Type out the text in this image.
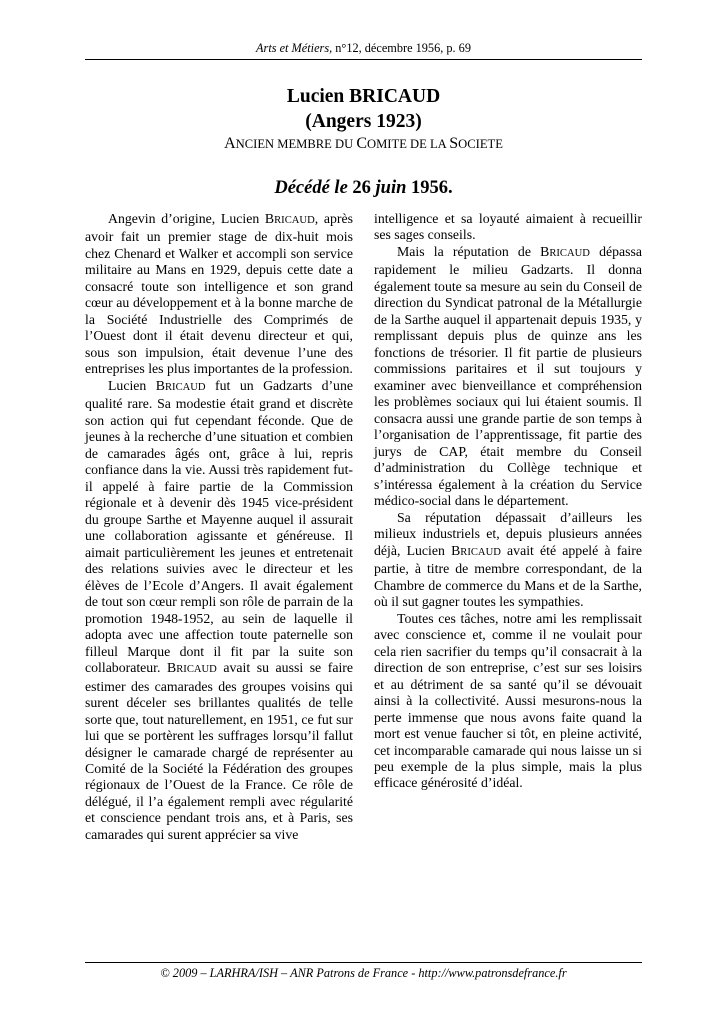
Arts et Métiers, n°12, décembre 1956, p. 69
Lucien BRICAUD
(Angers 1923)
ANCIEN MEMBRE DU COMITE DE LA SOCIETE
Décédé le 26 juin 1956.

Angevin d’origine, Lucien BRICAUD, après avoir fait un premier stage de dix-huit mois chez Chenard et Walker et accompli son service militaire au Mans en 1929, depuis cette date a consacré toute son intelligence et son grand cœur au développement et à la bonne marche de la Société Industrielle des Comprimés de l’Ouest dont il était devenu directeur et qui, sous son impulsion, était devenue l’une des entreprises les plus importantes de la profession.

Lucien BRICAUD fut un Gadzarts d’une qualité rare. Sa modestie était grand et discrète son action qui fut cependant féconde. Que de jeunes à la recherche d’une situation et combien de camarades âgés ont, grâce à lui, repris confiance dans la vie. Aussi très rapidement fut-il appelé à faire partie de la Commission régionale et à devenir dès 1945 vice-président du groupe Sarthe et Mayenne auquel il assurait une collaboration agissante et généreuse. Il aimait particulièrement les jeunes et entretenait des relations suivies avec le directeur et les élèves de l’Ecole d’Angers. Il avait également de tout son cœur rempli son rôle de parrain de la promotion 1948-1952, au sein de laquelle il adopta avec une affection toute paternelle son filleul Marque dont il fit par la suite son collaborateur. BRICAUD avait su aussi se faire estimer des camarades des groupes voisins qui surent déceler ses brillantes qualités de telle sorte que, tout naturellement, en 1951, ce fut sur lui que se portèrent les suffrages lorsqu’il fallut désigner le camarade chargé de représenter au Comité de la Société la Fédération des groupes régionaux de l’Ouest de la France. Ce rôle de délégué, il l’a également rempli avec régularité et conscience pendant trois ans, et à Paris, ses camarades qui surent apprécier sa vive

intelligence et sa loyauté aimaient à recueillir ses sages conseils.

Mais la réputation de BRICAUD dépassa rapidement le milieu Gadzarts. Il donna également toute sa mesure au sein du Conseil de direction du Syndicat patronal de la Métallurgie de la Sarthe auquel il appartenait depuis 1935, y remplissant depuis plus de quinze ans les fonctions de trésorier. Il fit partie de plusieurs commissions paritaires et il sut toujours y examiner avec bienveillance et compréhension les problèmes sociaux qui lui étaient soumis. Il consacra aussi une grande partie de son temps à l’organisation de l’apprentissage, fit partie des jurys de CAP, était membre du Conseil d’administration du Collège technique et s’intéressa également à la création du Service médico-social dans le département.

Sa réputation dépassait d’ailleurs les milieux industriels et, depuis plusieurs années déjà, Lucien BRICAUD avait été appelé à faire partie, à titre de membre correspondant, de la Chambre de commerce du Mans et de la Sarthe, où il sut gagner toutes les sympathies.

Toutes ces tâches, notre ami les remplissait avec conscience et, comme il ne voulait pour cela rien sacrifier du temps qu’il consacrait à la direction de son entreprise, c’est sur ses loisirs et au détriment de sa santé qu’il se dévouait ainsi à la collectivité. Aussi mesurons-nous la perte immense que nous avons faite quand la mort est venue faucher si tôt, en pleine activité, cet incomparable camarade qui nous laisse un si peu exemple de la plus simple, mais la plus efficace générosité d’idéal.

© 2009 – LARHRA/ISH – ANR Patrons de France - http://www.patronsdefrance.fr
